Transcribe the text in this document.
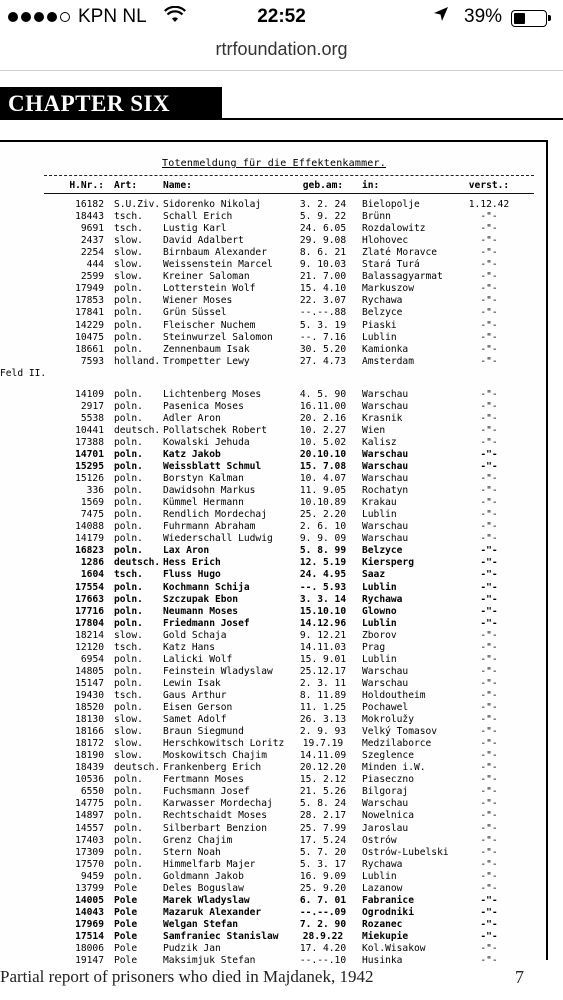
KPN NL	22:52	39%
rtrfoundation.org
CHAPTER SIX
Totenmeldung für die Effektenkammer.
H.Nr.: Art:	Name:	geb.am:	in:	verst.:
Feld II.
16182 S.U.Ziv. Sidorenko Nikolaj	3. 2. 24	Bielopolje	1.12.42
18443 tsch.	Schall Erich	5. 9. 22	Brünn	-"-
9691 tsch.	Lustig Karl	24. 6.05	Rozdalowitz	-"-
2437 slow.	David Adalbert	29. 9.08	Hlohovec	-"-
2254 slow.	Birnbaum Alexander	8. 6. 21	Zlaté Moravce	-"-
444 slow.	Weissenstein Marcel	9. 10.03	Stará Turá	-"-
2599 slow.	Kreiner Saloman	21. 7.00	Balassagyarmat	-"-
17949 poln.	Lotterstein Wolf	15. 4.10	Markuszow	-"-
17853 poln.	Wiener Moses	22. 3.07	Rychawa	-"-
17841 poln.	Grün Süssel	--.--.88	Belzyce	-"-
14229 poln.	Fleischer Nuchem	5. 3. 19	Piaski	-"-
10475 poln.	Steinwurzel Salomon	--. 7.16	Lublin	-"-
18661 poln.	Zennenbaum Isak	30. 5.20	Kamionka	-"-
7593 holland. Trompetter Lewy	27. 4.73	Amsterdam	-"-
14109 poln.	Lichtenberg Moses	4. 5. 90	Warschau	-"-
2917 poln.	Pasenica Moses	16.11.00	Warschau	-"-
5538 poln.	Adler Aron	20. 2.16	Krasnik	-"-
10441 deutsch. Pollatschek Robert	10. 2.27	Wien	-"-
17388 poln.	Kowalski Jehuda	10. 5.02	Kalisz	-"-
14701 poln.	Katz Jakob	20.10.10	Warschau	-"-
15295 poln.	Weissblatt Schmul	15. 7.08	Warschau	-"-
15126 poln.	Borstyn Kalman	10. 4.07	Warschau	-"-
336 poln.	Dawidsohn Markus	11. 9.05	Rochatyn	-"-
1569 poln.	Kümmel Hermann	10.10.89	Krakau	-"-
7475 poln.	Rendlich Mordechaj	25. 2.20	Lublin	-"-
14088 poln.	Fuhrmann Abraham	2. 6. 10	Warschau	-"-
14179 poln.	Wiederschall Ludwig	9. 9. 09	Warschau	-"-
16823 poln.	Lax Aron	5. 8. 99	Belzyce	-"-
1286 deutsch. Hess Erich	12. 5.19	Kiersperg	-"-
1604 tsch.	Fluss Hugo	24. 4.95	Saaz	-"-
17554 poln.	Kochmann Schija	--. 5.93	Lublin	-"-
17663 poln.	Szczupak Ebon	3. 3. 14	Rychawa	-"-
17716 poln.	Neumann Moses	15.10.10	Glowno	-"-
17804 poln.	Friedmann Josef	14.12.96	Lublin	-"-
18214 slow.	Gold Schaja	9. 12.21	Zborov	-"-
12120 tsch.	Katz Hans	14.11.03	Prag	-"-
6954 poln.	Lalicki Wolf	15. 9.01	Lublin	-"-
14805 poln.	Feinstein Wladyslaw	25.12.17	Warschau	-"-
15147 poln.	Lewin Isak	2. 3. 11	Warschau	-"-
19430 tsch.	Gaus Arthur	8. 11.89	Holdoutheim	-"-
18520 poln.	Eisen Gerson	11. 1.25	Pochawel	-"-
18130 slow.	Samet Adolf	26. 3.13	Mokrolužy	-"-
18166 slow.	Braun Siegmund	2. 9. 93	Velký Tomasov	-"-
18172 slow.	Herschkowitsch Loritz	19.7.19	Medzilaborce	-"-
18190 slow.	Moskowitsch Chajim	14.11.09	Szeglence	-"-
18439 deutsch. Frankenberg Erich	20.12.20	Minden i.W.	-"-
10536 poln.	Fertmann Moses	15. 2.12	Piaseczno	-"-
6550 poln.	Fuchsmann Josef	21. 5.26	Bilgoraj	-"-
14775 poln.	Karwasser Mordechaj	5. 8. 24	Warschau	-"-
14897 poln.	Rechtschaidt Moses	28. 2.17	Nowelnica	-"-
14557 poln.	Silberbart Benzion	25. 7.99	Jaroslau	-"-
17403 poln.	Grenz Chajim	17. 5.24	Ostrów	-"-
17309 poln.	Stern Noah	5. 7. 20	Ostrów-Lubelski	-"-
17570 poln.	Himmelfarb Majer	5. 3. 17	Rychawa	-"-
9459 poln.	Goldmann Jakob	16. 9.09	Lublin	-"-
13799 Pole	Deles Boguslaw	25. 9.20	Lazanow	-"-
14005 Pole	Marek Wladyslaw	6. 7. 01	Fabranice	-"-
14043 Pole	Mazaruk Alexander	--.--.09	Ogrodniki	-"-
17969 Pole	Welgan Stefan	7. 2. 90	Rozanec	-"-
17514 Pole	Samfraniec Stanislaw	28.9.22	Miekupie	-"-
18006 Pole	Pudzik Jan	17. 4.20	Kol.Wisakow	-"-
19147 Pole	Maksimjuk Stefan	--.--.10	Husinka	-"-
Partial report of prisoners who died in Majdanek, 1942	7
